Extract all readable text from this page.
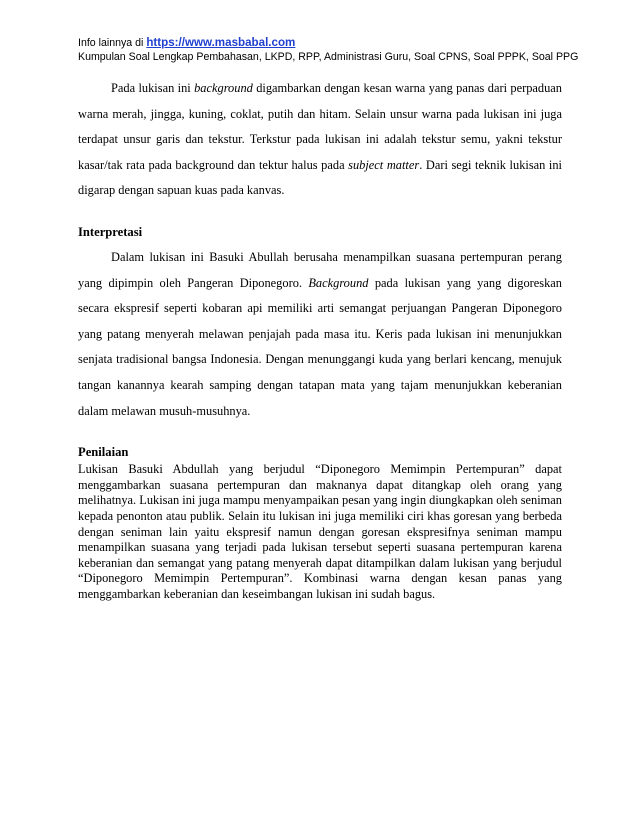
Info lainnya di https://www.masbabal.com
Kumpulan Soal Lengkap Pembahasan, LKPD, RPP, Administrasi Guru, Soal CPNS, Soal PPPK, Soal PPG

Pada lukisan ini background digambarkan dengan kesan warna yang panas dari perpaduan warna merah, jingga, kuning, coklat, putih dan hitam. Selain unsur warna pada lukisan ini juga terdapat unsur garis dan tekstur. Terkstur pada lukisan ini adalah tekstur semu, yakni tekstur kasar/tak rata pada background dan tektur halus pada subject matter. Dari segi teknik lukisan ini digarap dengan sapuan kuas pada kanvas.

Interpretasi

Dalam lukisan ini Basuki Abullah berusaha menampilkan suasana pertempuran perang yang dipimpin oleh Pangeran Diponegoro. Background pada lukisan yang yang digoreskan secara ekspresif seperti kobaran api memiliki arti semangat perjuangan Pangeran Diponegoro yang patang menyerah melawan penjajah pada masa itu. Keris pada lukisan ini menunjukkan senjata tradisional bangsa Indonesia. Dengan menunggangi kuda yang berlari kencang, menujuk tangan kanannya kearah samping dengan tatapan mata yang tajam menunjukkan keberanian dalam melawan musuh-musuhnya.

Penilaian

Lukisan Basuki Abdullah yang berjudul “Diponegoro Memimpin Pertempuran” dapat menggambarkan suasana pertempuran dan maknanya dapat ditangkap oleh orang yang melihatnya. Lukisan ini juga mampu menyampaikan pesan yang ingin diungkapkan oleh seniman kepada penonton atau publik. Selain itu lukisan ini juga memiliki ciri khas goresan yang berbeda dengan seniman lain yaitu ekspresif namun dengan goresan ekspresifnya seniman mampu menampilkan suasana yang terjadi pada lukisan tersebut seperti suasana pertempuran karena keberanian dan semangat yang patang menyerah dapat ditampilkan dalam lukisan yang berjudul “Diponegoro Memimpin Pertempuran”. Kombinasi warna dengan kesan panas yang menggambarkan keberanian dan keseimbangan lukisan ini sudah bagus.
